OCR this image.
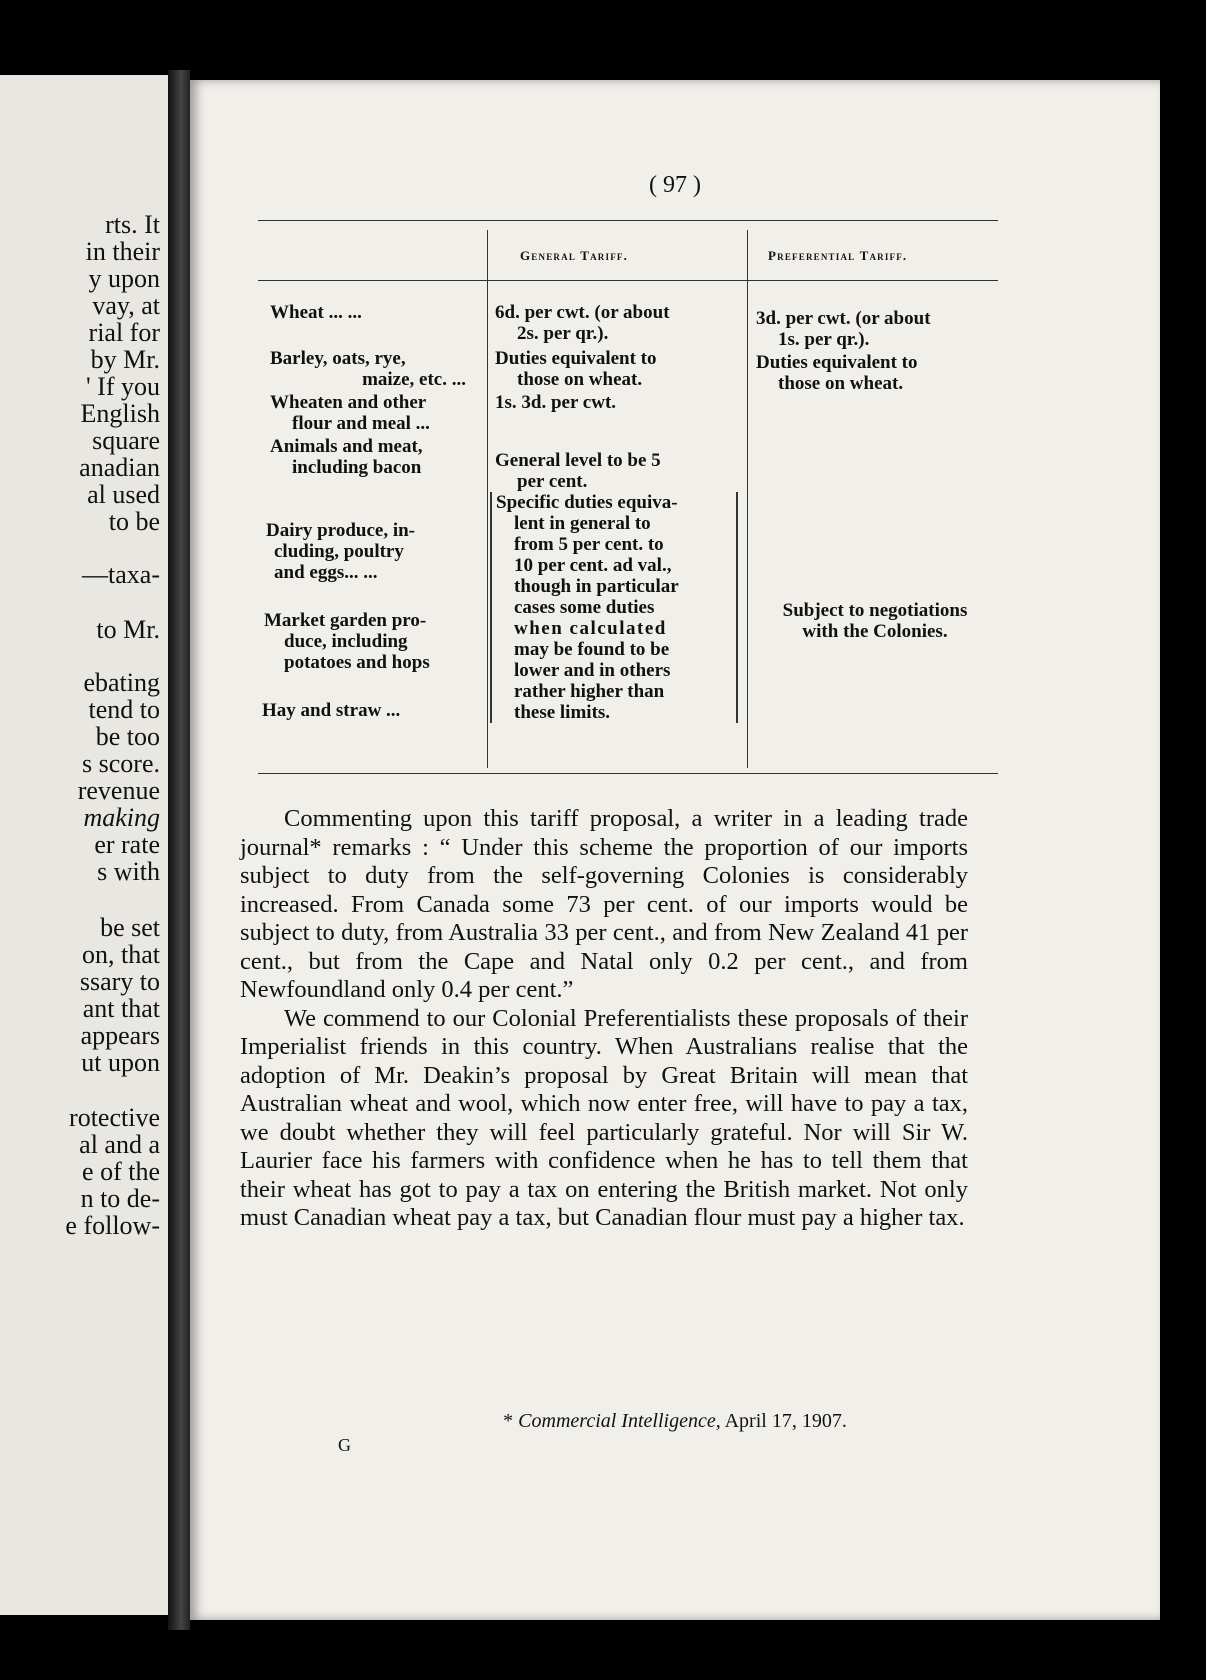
rts. It
in their
y upon
vay, at
rial for
by Mr.
' If you
English
square
anadian
al used
to be
—taxa-
to Mr.
ebating
tend to
be too
s score.
revenue
making
er rate
s with
be set
on, that
ssary to
ant that
appears
ut upon
rotective
al and a
e of the
n to de-
e follow-
( 97 )
General Tariff.	Preferential Tariff.
Wheat ... ...
Barley, oats, rye,
maize, etc. ...
Wheaten and other
flour and meal ...
Animals and meat,
including bacon
Dairy produce, in-
cluding, poultry
and eggs... ...
Market garden pro-
duce, including
potatoes and hops
Hay and straw ...
6d. per cwt. (or about
2s. per qr.).
Duties equivalent to
those on wheat.
1s. 3d. per cwt.
General level to be 5
per cent.
Specific duties equiva-
lent in general to
from 5 per cent. to
10 per cent. ad val.,
though in particular
cases some duties
when calculated
may be found to be
lower and in others
rather higher than
these limits.
3d. per cwt. (or about
1s. per qr.).
Duties equivalent to
those on wheat.
Subject to negotiations
with the Colonies.

Commenting upon this tariff proposal, a writer in a leading trade journal* remarks : “ Under this scheme the proportion of our imports subject to duty from the self-governing Colonies is considerably increased. From Canada some 73 per cent. of our imports would be subject to duty, from Australia 33 per cent., and from New Zealand 41 per cent., but from the Cape and Natal only 0.2 per cent., and from Newfoundland only 0.4 per cent.”

We commend to our Colonial Preferentialists these proposals of their Imperialist friends in this country. When Australians realise that the adoption of Mr. Deakin’s proposal by Great Britain will mean that Australian wheat and wool, which now enter free, will have to pay a tax, we doubt whether they will feel particularly grateful. Nor will Sir W. Laurier face his farmers with confidence when he has to tell them that their wheat has got to pay a tax on entering the British market. Not only must Canadian wheat pay a tax, but Canadian flour must pay a higher tax.

* Commercial Intelligence, April 17, 1907.
G
